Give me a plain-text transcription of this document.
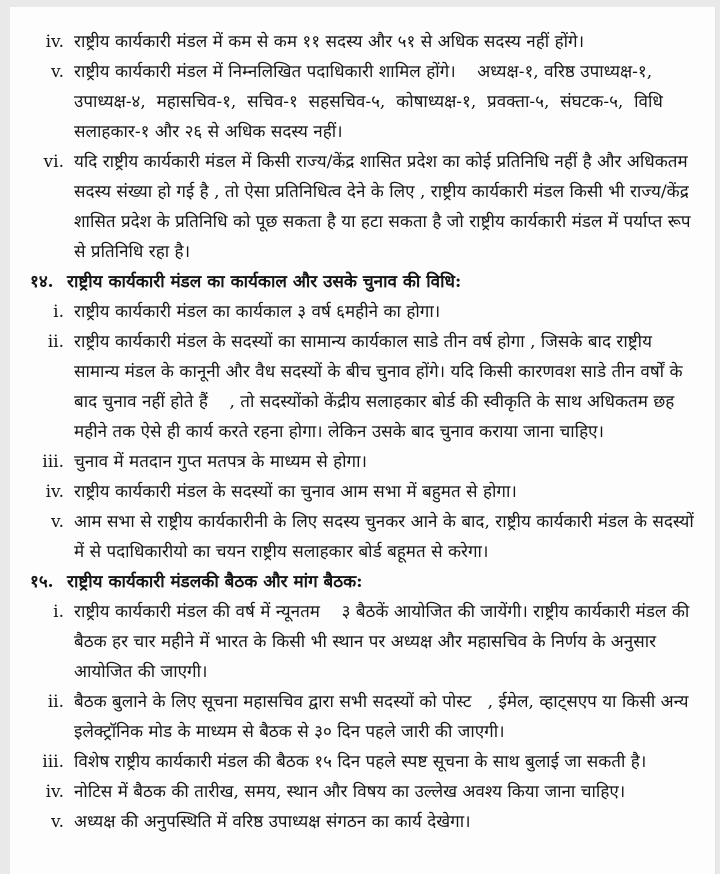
iv. राष्ट्रीय कार्यकारी मंडल में कम से कम ११ सदस्य और ५१ से अधिक सदस्य नहीं होंगे।
v. राष्ट्रीय कार्यकारी मंडल में निम्नलिखित पदाधिकारी शामिल होंगे।    अध्यक्ष-१, वरिष्ठ उपाध्यक्ष-१, उपाध्यक्ष-४,  महासचिव-१,  सचिव-१  सहसचिव-५,  कोषाध्यक्ष-१,  प्रवक्ता-५,  संघटक-५,  विधि सलाहकार-१ और २६ से अधिक सदस्य नहीं।
vi. यदि राष्ट्रीय कार्यकारी मंडल में किसी राज्य/केंद्र शासित प्रदेश का कोई प्रतिनिधि नहीं है और अधिकतम सदस्य संख्या हो गई है , तो ऐसा प्रतिनिधित्व देने के लिए , राष्ट्रीय कार्यकारी मंडल किसी भी राज्य/केंद्र शासित प्रदेश के प्रतिनिधि को पूछ सकता है या हटा सकता है जो राष्ट्रीय कार्यकारी मंडल में पर्याप्त रूप से प्रतिनिधि रहा है।
१४. राष्ट्रीय कार्यकारी मंडल का कार्यकाल और उसके चुनाव की विधि:
i. राष्ट्रीय कार्यकारी मंडल का कार्यकाल ३ वर्ष ६महीने का होगा।
ii. राष्ट्रीय कार्यकारी मंडल के सदस्यों का सामान्य कार्यकाल साडे तीन वर्ष होगा , जिसके बाद राष्ट्रीय सामान्य मंडल के कानूनी और वैध सदस्यों के बीच चुनाव होंगे। यदि किसी कारणवश साडे तीन वर्षों के बाद चुनाव नहीं होते हैं    , तो सदस्योंको केंद्रीय सलाहकार बोर्ड की स्वीकृति के साथ अधिकतम छह महीने तक ऐसे ही कार्य करते रहना होगा। लेकिन उसके बाद चुनाव कराया जाना चाहिए।
iii. चुनाव में मतदान गुप्त मतपत्र के माध्यम से होगा।
iv. राष्ट्रीय कार्यकारी मंडल के सदस्यों का चुनाव आम सभा में बहुमत से होगा।
v. आम सभा से राष्ट्रीय कार्यकारीनी के लिए सदस्य चुनकर आने के बाद, राष्ट्रीय कार्यकारी मंडल के सदस्यों में से पदाधिकारीयो का चयन राष्ट्रीय सलाहकार बोर्ड बहूमत से करेगा।
१५. राष्ट्रीय कार्यकारी मंडलकी बैठक और मांग बैठक:
i. राष्ट्रीय कार्यकारी मंडल की वर्ष में न्यूनतम    ३ बैठकें आयोजित की जायेंगी। राष्ट्रीय कार्यकारी मंडल की बैठक हर चार महीने में भारत के किसी भी स्थान पर अध्यक्ष और महासचिव के निर्णय के अनुसार आयोजित की जाएगी।
ii. बैठक बुलाने के लिए सूचना महासचिव द्वारा सभी सदस्यों को पोस्ट   , ईमेल, व्हाट्सएप या किसी अन्य इलेक्ट्रॉनिक मोड के माध्यम से बैठक से ३० दिन पहले जारी की जाएगी।
iii. विशेष राष्ट्रीय कार्यकारी मंडल की बैठक १५ दिन पहले स्पष्ट सूचना के साथ बुलाई जा सकती है।
iv. नोटिस में बैठक की तारीख, समय, स्थान और विषय का उल्लेख अवश्य किया जाना चाहिए।
v. अध्यक्ष की अनुपस्थिति में वरिष्ठ उपाध्यक्ष संगठन का कार्य देखेगा।
